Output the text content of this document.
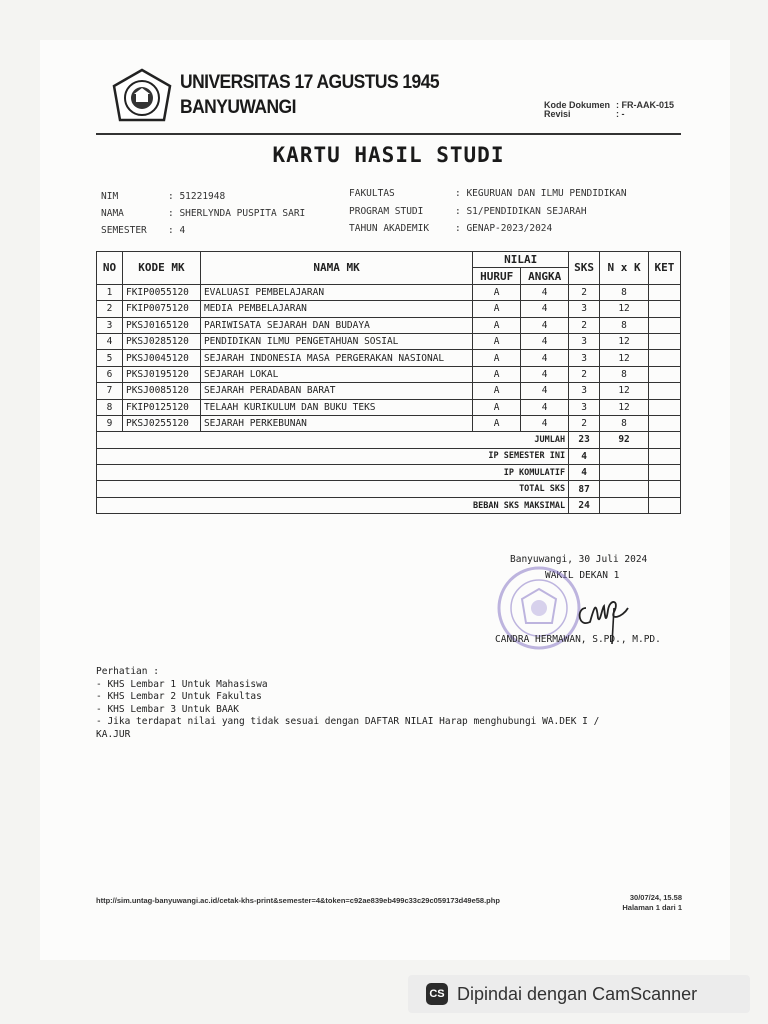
UNIVERSITAS 17 AGUSTUS 1945
BANYUWANGI	Kode Dokumen : FR-AAK-015
Revisi	: -
KARTU HASIL STUDI
NIM	: 51221948
NAMA	: SHERLYNDA PUSPITA SARI
SEMESTER : 4
FAKULTAS	: KEGURUAN DAN ILMU PENDIDIKAN
PROGRAM STUDI	: S1/PENDIDIKAN SEJARAH
TAHUN AKADEMIK	: GENAP-2023/2024
NO	KODE MK	NAMA MK	NILAI		SKS	N x K	KET
			HURUF	ANGKA			
1	FKIP0055120	EVALUASI PEMBELAJARAN	A	4	2	8	
2	FKIP0075120	MEDIA PEMBELAJARAN	A	4	3	12	
3	PKSJ0165120	PARIWISATA SEJARAH DAN BUDAYA	A	4	2	8	
4	PKSJ0285120	PENDIDIKAN ILMU PENGETAHUAN SOSIAL	A	4	3	12	
5	PKSJ0045120	SEJARAH INDONESIA MASA PERGERAKAN NASIONAL	A	4	3	12	
6	PKSJ0195120	SEJARAH LOKAL	A	4	2	8	
7	PKSJ0085120	SEJARAH PERADABAN BARAT	A	4	3	12	
8	FKIP0125120	TELAAH KURIKULUM DAN BUKU TEKS	A	4	3	12	
9	PKSJ0255120	SEJARAH PERKEBUNAN	A	4	2	8	
JUMLAH					23	92	
IP SEMESTER INI					4		
IP KOMULATIF					4		
TOTAL SKS					87		
BEBAN SKS MAKSIMAL					24		
Banyuwangi, 30 Juli 2024
WAKIL DEKAN 1
CANDRA HERMAWAN, S.PD., M.PD.
Perhatian :
- KHS Lembar 1 Untuk Mahasiswa
- KHS Lembar 2 Untuk Fakultas
- KHS Lembar 3 Untuk BAAK
- Jika terdapat nilai yang tidak sesuai dengan DAFTAR NILAI Harap menghubungi WA.DEK I /
KA.JUR
http://sim.untag-banyuwangi.ac.id/cetak-khs-print&semester=4&token=c92ae839eb499c33c29c059173d49e58.php	30/07/24, 15.58
Halaman 1 dari 1
CS Dipindai dengan CamScanner
